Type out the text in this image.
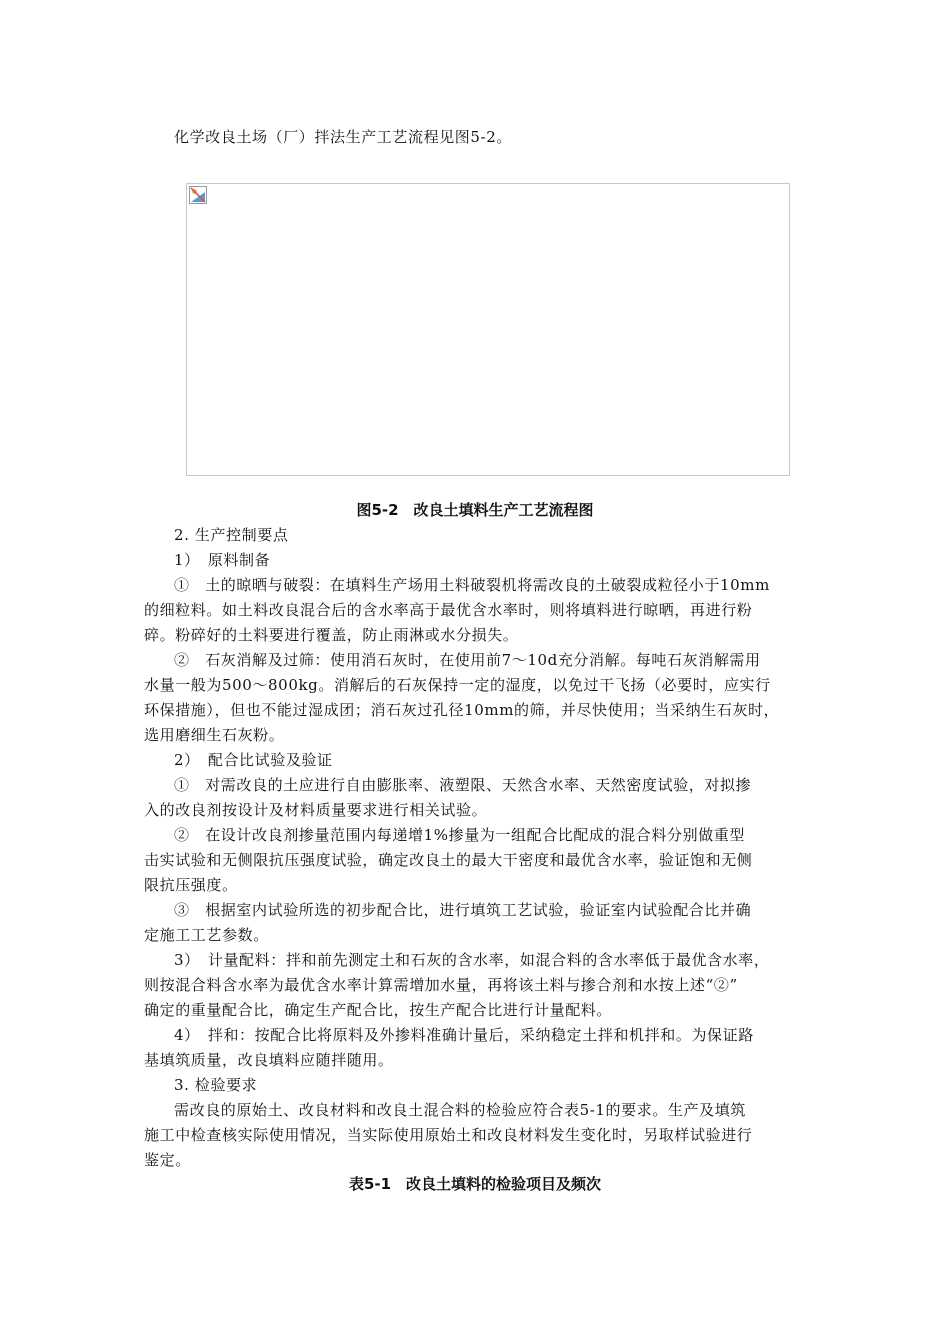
化学改良土场（厂）拌法生产工艺流程见图5-2。
图5-2　改良土填料生产工艺流程图
2. 生产控制要点
1）　原料制备
①　土的晾晒与破裂：在填料生产场用土料破裂机将需改良的土破裂成粒径小于10mm
的细粒料。如土料改良混合后的含水率高于最优含水率时，则将填料进行晾晒，再进行粉
碎。粉碎好的土料要进行覆盖，防止雨淋或水分损失。
②　石灰消解及过筛：使用消石灰时，在使用前7～10d充分消解。每吨石灰消解需用
水量一般为500～800kg。消解后的石灰保持一定的湿度，以免过干飞扬（必要时，应实行
环保措施），但也不能过湿成团；消石灰过孔径10mm的筛，并尽快使用；当采纳生石灰时，
选用磨细生石灰粉。
2）　配合比试验及验证
①　对需改良的土应进行自由膨胀率、液塑限、天然含水率、天然密度试验，对拟掺
入的改良剂按设计及材料质量要求进行相关试验。
②　在设计改良剂掺量范围内每递增1%掺量为一组配合比配成的混合料分别做重型
击实试验和无侧限抗压强度试验，确定改良土的最大干密度和最优含水率，验证饱和无侧
限抗压强度。
③　根据室内试验所选的初步配合比，进行填筑工艺试验，验证室内试验配合比并确
定施工工艺参数。
3）　计量配料：拌和前先测定土和石灰的含水率，如混合料的含水率低于最优含水率，
则按混合料含水率为最优含水率计算需增加水量，再将该土料与掺合剂和水按上述“②”
确定的重量配合比，确定生产配合比，按生产配合比进行计量配料。
4）　拌和：按配合比将原料及外掺料准确计量后，采纳稳定土拌和机拌和。为保证路
基填筑质量，改良填料应随拌随用。
3. 检验要求
需改良的原始土、改良材料和改良土混合料的检验应符合表5-1的要求。生产及填筑
施工中检查核实际使用情况，当实际使用原始土和改良材料发生变化时，另取样试验进行
鉴定。
表5-1　改良土填料的检验项目及频次
